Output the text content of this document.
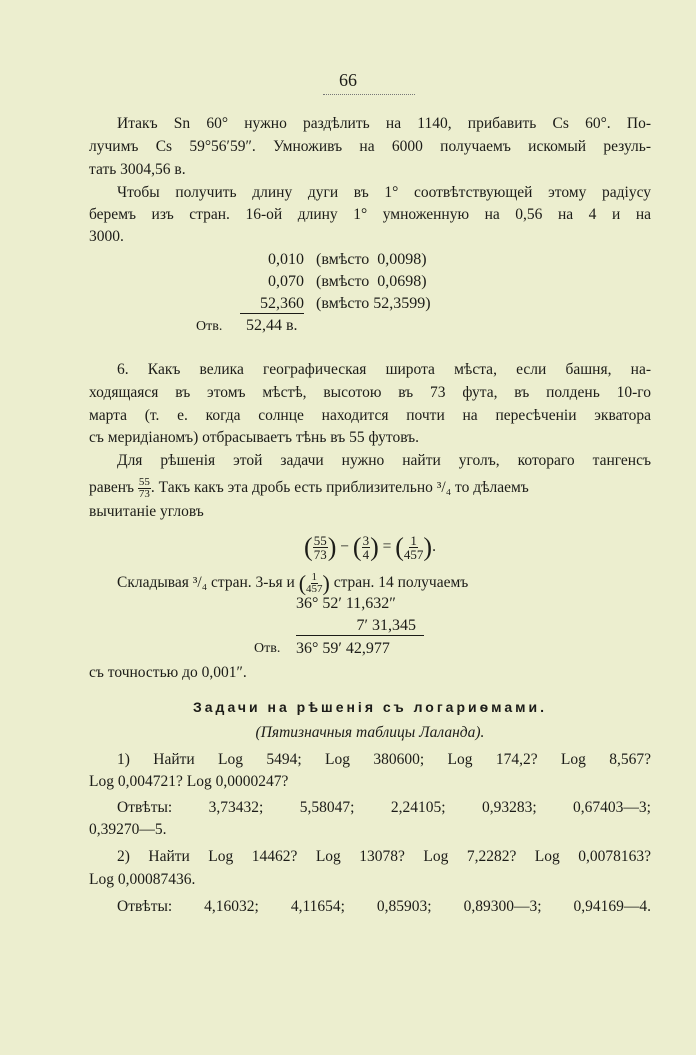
66
Итакъ Sn 60° нужно раздѣлить на 1140, прибавить Cs 60°. По-
лучимъ Cs 59°56′59″. Умноживъ на 6000 получаемъ искомый резуль-
тать 3004,56 в.
Чтобы получить длину дуги въ 1° соотвѣтствующей этому радіусу
беремъ изъ стран. 16-ой длину 1° умноженную на 0,56 на 4 и на
3000.
0,010 (вмѣсто  0,0098)
0,070 (вмѣсто  0,0698)
52,360 (вмѣсто 52,3599)
Отв. 52,44 в.
6. Какъ велика географическая широта мѣста, если башня, на-
ходящаяся въ этомъ мѣстѣ, высотою въ 73 фута, въ полдень 10-го
марта (т. е. когда солнце находится почти на пересѣченіи экватора
съ меридіаномъ) отбрасываетъ тѣнь въ 55 футовъ.
Для рѣшенія этой задачи нужно найти уголъ, котораго тангенсъ
равенъ $\frac{55}{73}$ . Такъ какъ эта дробь есть приблизительно ³/₄ то дѣлаемъ
вычитаніе угловъ
( $\frac{55}{73}$ ) − ( $\frac{3}{4}$ ) = ( $\frac{1}{457}$ ).
Складывая ³/₄ стран. 3-ья и ( $\frac{1}{457}$ ) стран. 14 получаемъ
36° 52′ 11,632″
7′ 31,345
Отв. 36° 59′ 42,977
съ точностью до 0,001″.
Задачи на рѣшенія съ логариѳмами.
(Пятизначныя таблицы Лаланда).
1) Найти Log 5494; Log 380600; Log 174,2? Log 8,567?
Log 0,004721? Log 0,0000247?
Отвѣты: 3,73432; 5,58047; 2,24105; 0,93283; 0,67403—3;
0,39270—5.
2) Найти Log 14462? Log 13078? Log 7,2282? Log 0,0078163?
Log 0,00087436.
Отвѣты: 4,16032; 4,11654; 0,85903; 0,89300—3; 0,94169—4.
